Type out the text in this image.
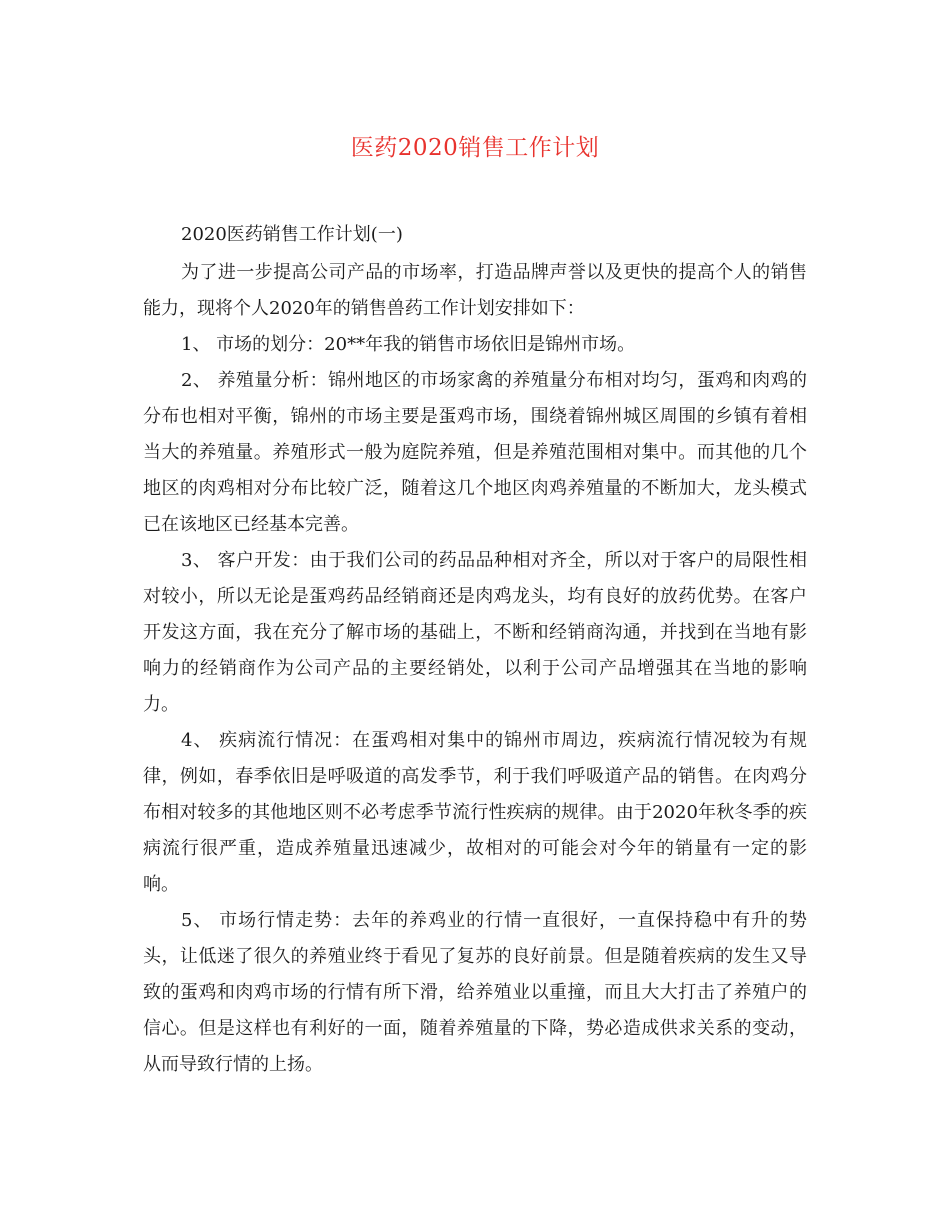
医药2020销售工作计划

2020医药销售工作计划(一)

为了进一步提高公司产品的市场率，打造品牌声誉以及更快的提高个人的销售能力，现将个人2020年的销售兽药工作计划安排如下：

1、 市场的划分：20**年我的销售市场依旧是锦州市场。

2、 养殖量分析：锦州地区的市场家禽的养殖量分布相对均匀，蛋鸡和肉鸡的分布也相对平衡，锦州的市场主要是蛋鸡市场，围绕着锦州城区周围的乡镇有着相当大的养殖量。养殖形式一般为庭院养殖，但是养殖范围相对集中。而其他的几个地区的肉鸡相对分布比较广泛，随着这几个地区肉鸡养殖量的不断加大，龙头模式已在该地区已经基本完善。

3、 客户开发：由于我们公司的药品品种相对齐全，所以对于客户的局限性相对较小，所以无论是蛋鸡药品经销商还是肉鸡龙头，均有良好的放药优势。在客户开发这方面，我在充分了解市场的基础上，不断和经销商沟通，并找到在当地有影响力的经销商作为公司产品的主要经销处，以利于公司产品增强其在当地的影响力。

4、 疾病流行情况：在蛋鸡相对集中的锦州市周边，疾病流行情况较为有规律，例如，春季依旧是呼吸道的高发季节，利于我们呼吸道产品的销售。在肉鸡分布相对较多的其他地区则不必考虑季节流行性疾病的规律。由于2020年秋冬季的疾病流行很严重，造成养殖量迅速减少，故相对的可能会对今年的销量有一定的影响。

5、 市场行情走势：去年的养鸡业的行情一直很好，一直保持稳中有升的势头，让低迷了很久的养殖业终于看见了复苏的良好前景。但是随着疾病的发生又导致的蛋鸡和肉鸡市场的行情有所下滑，给养殖业以重撞，而且大大打击了养殖户的信心。但是这样也有利好的一面，随着养殖量的下降，势必造成供求关系的变动，从而导致行情的上扬。
